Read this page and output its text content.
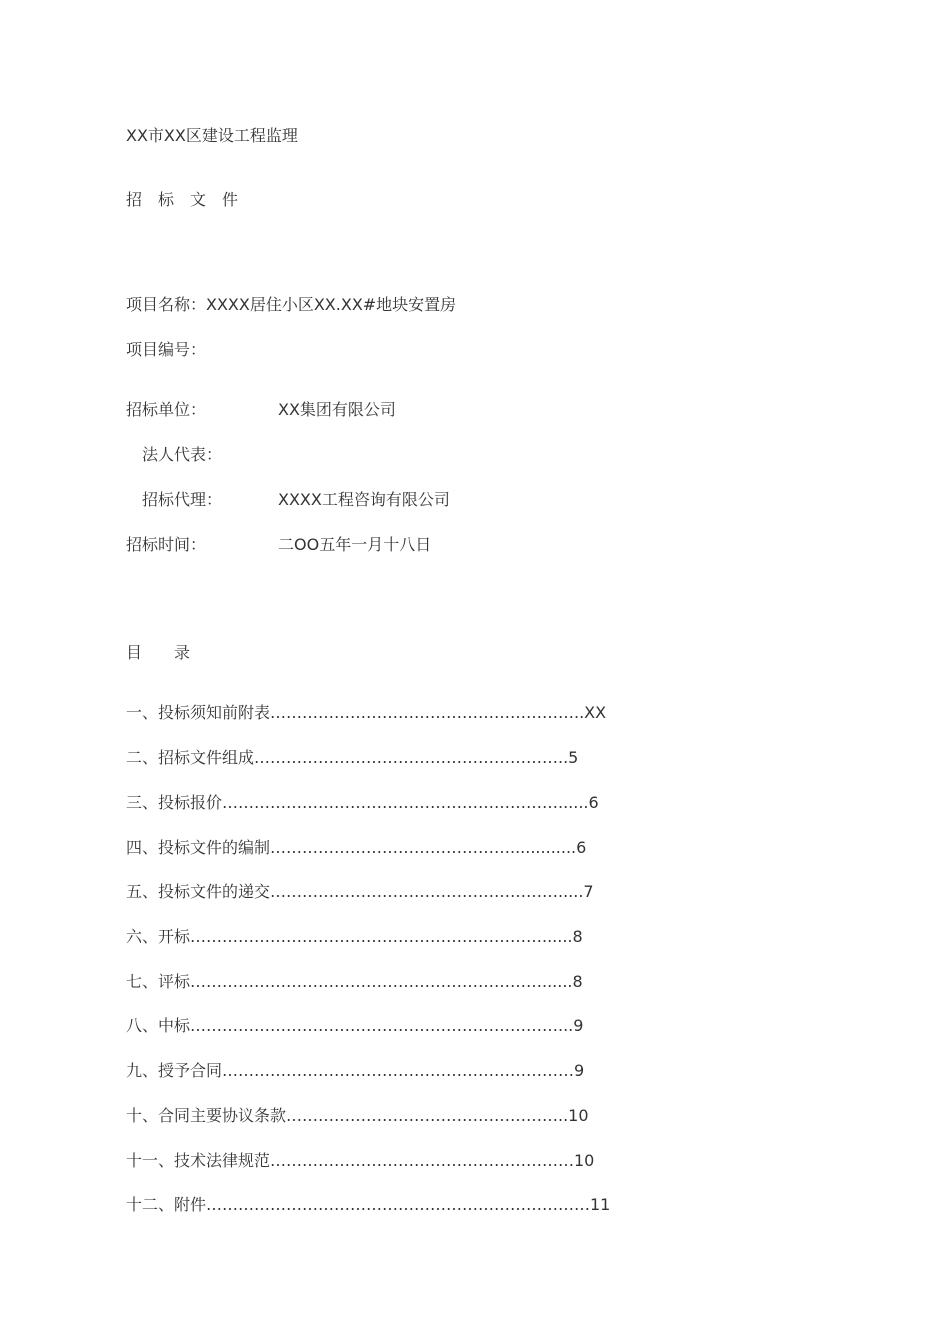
XX市XX区建设工程监理
招　标　文　件
项目名称：XXXX居住小区XX.XX#地块安置房
项目编号：
招标单位：　　　　　XX集团有限公司
　法人代表：
　招标代理：　　　　XXXX工程咨询有限公司
招标时间：　　　　　二OO五年一月十八日
目　　录
一、投标须知前附表…………………………………………………..XX
二、招标文件组成…………………………………………………..5
三、投标报价………………………………………………………......6
四、投标文件的编制……………………………………….............6
五、投标文件的递交……………………………………………….....7
六、开标…………………………………………………………......8
七、评标…………………………………………………………......8
八、中标……………………………………………………………...9
九、授予合同…………………………………………………………9
十、合同主要协议条款……………………………………………..10
十一、技术法律规范…………………………………………………10
十二、附件………………………………………………………………11
